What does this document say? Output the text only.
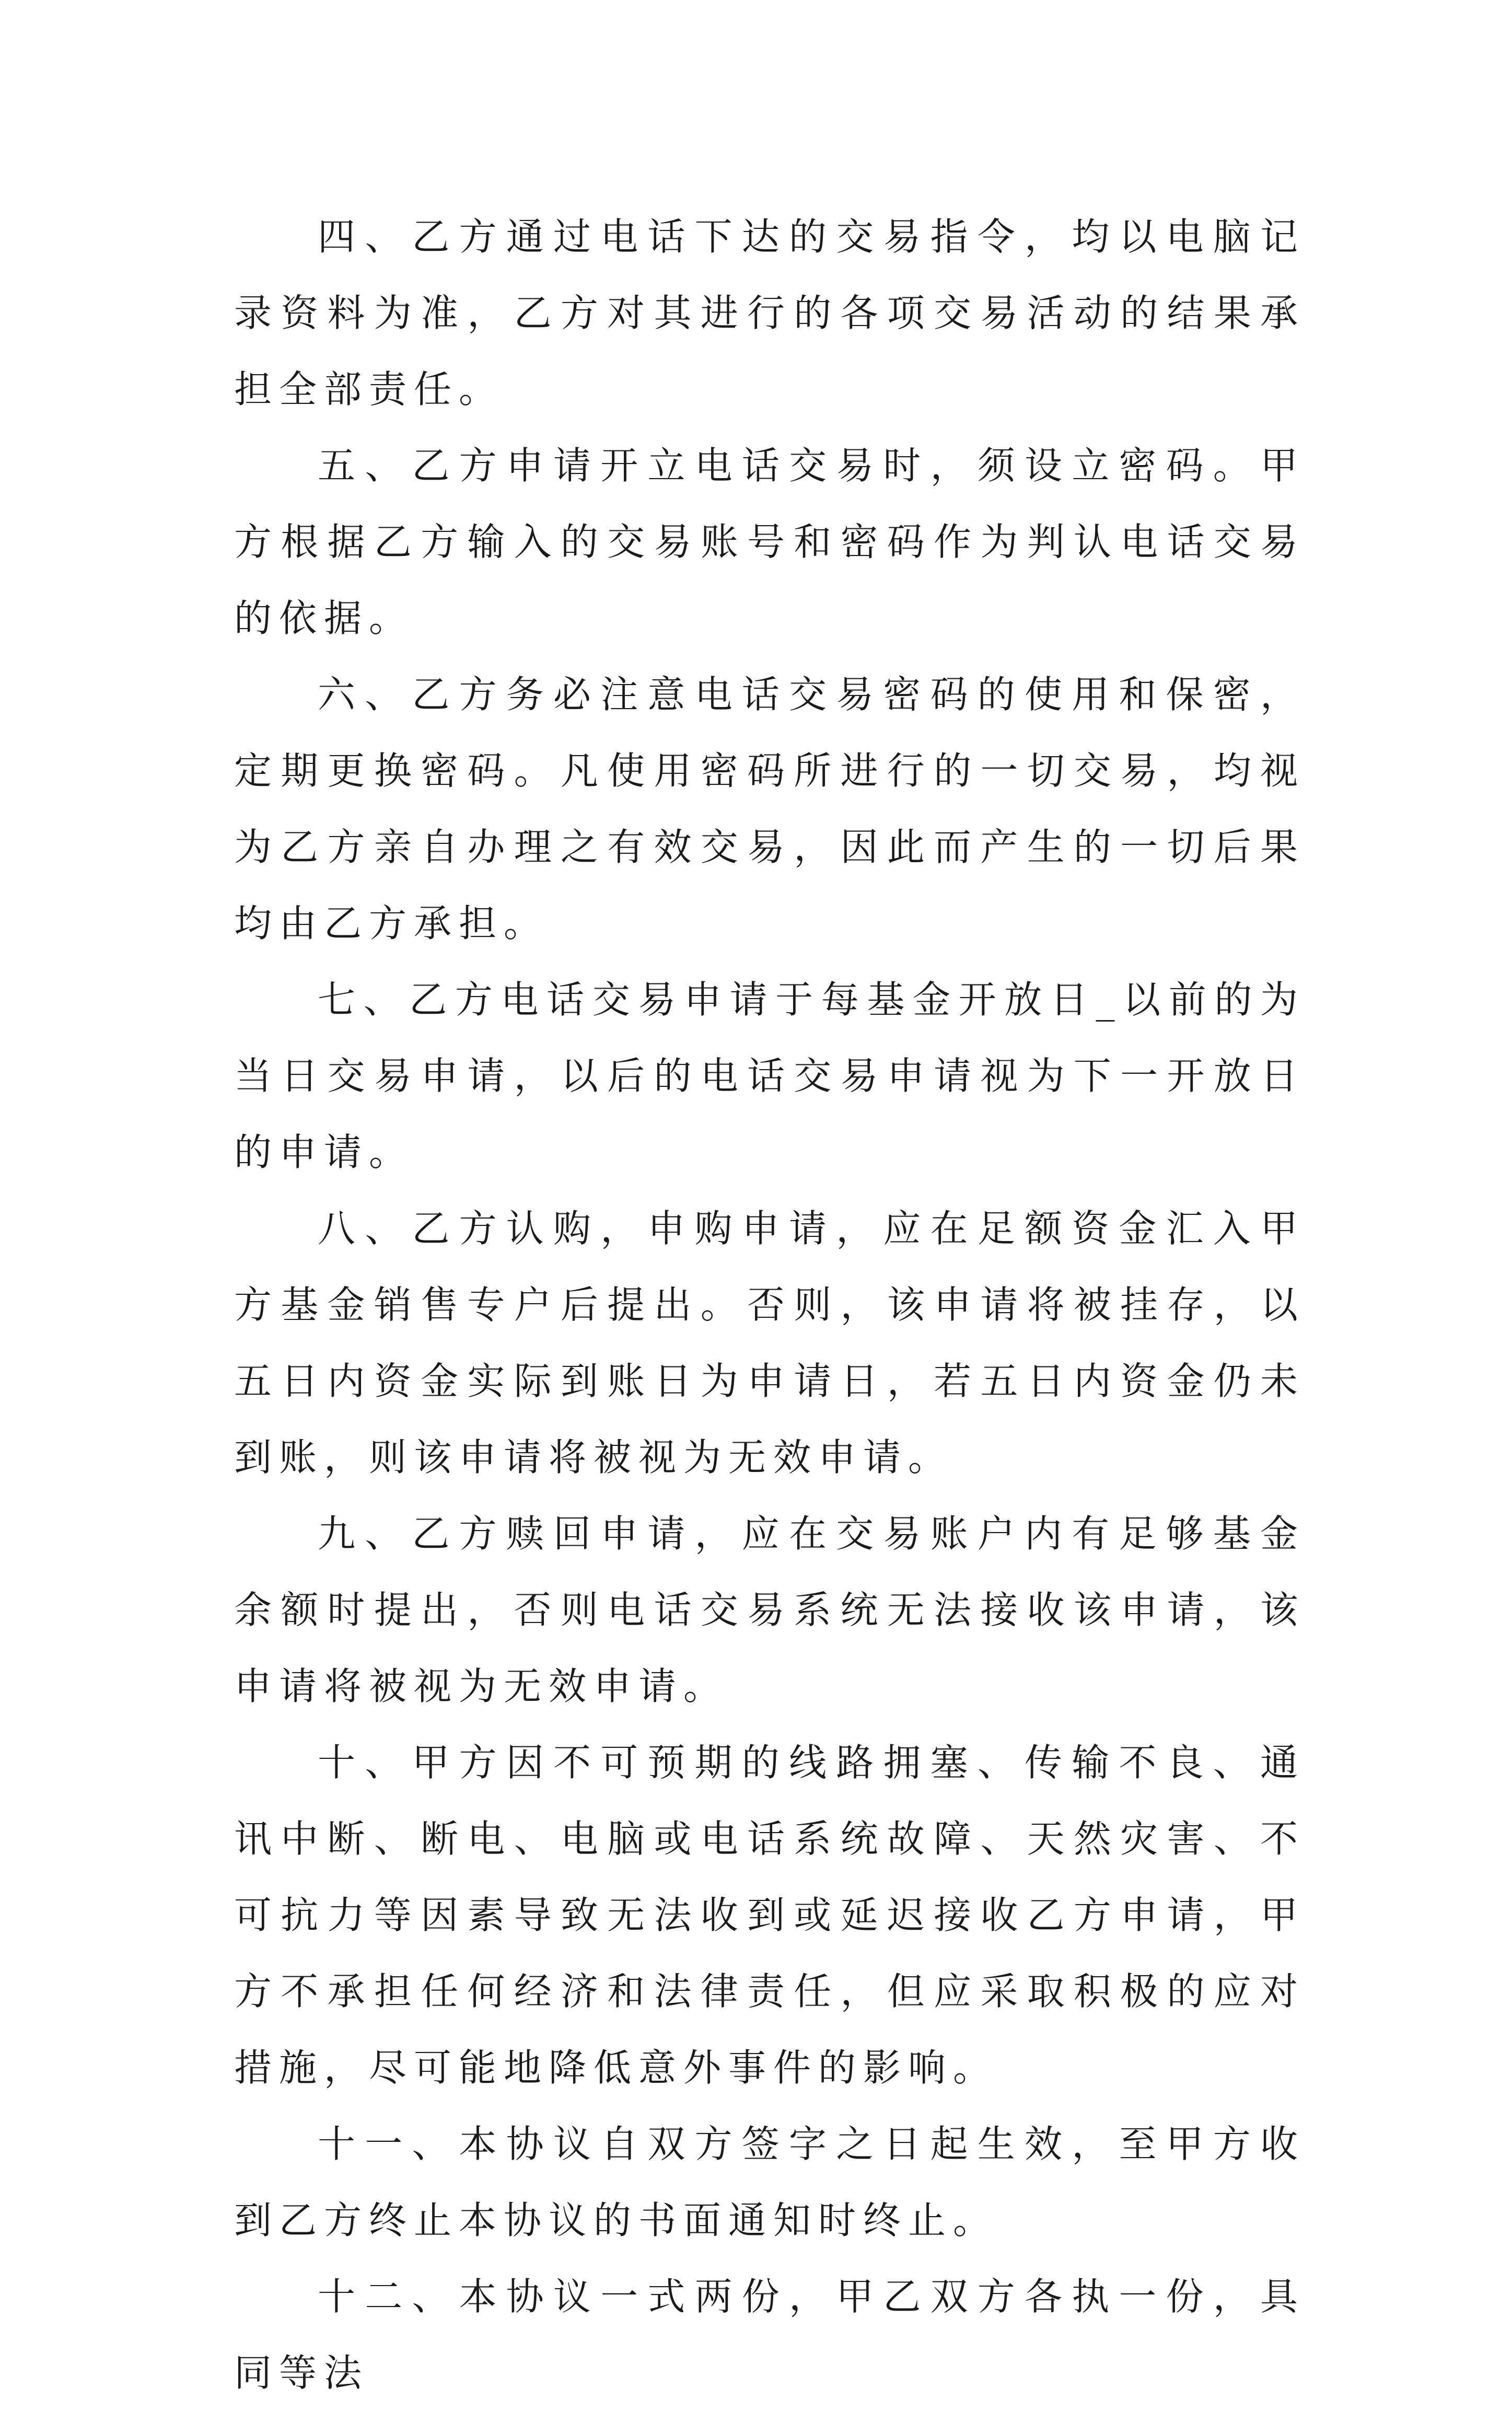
四、乙方通过电话下达的交易指令，均以电脑记录资料为准，乙方对其进行的各项交易活动的结果承担全部责任。

五、乙方申请开立电话交易时，须设立密码。甲方根据乙方输入的交易账号和密码作为判认电话交易的依据。

六、乙方务必注意电话交易密码的使用和保密，定期更换密码。凡使用密码所进行的一切交易，均视为乙方亲自办理之有效交易，因此而产生的一切后果均由乙方承担。

七、乙方电话交易申请于每基金开放日_以前的为当日交易申请，以后的电话交易申请视为下一开放日的申请。

八、乙方认购，申购申请，应在足额资金汇入甲方基金销售专户后提出。否则，该申请将被挂存，以五日内资金实际到账日为申请日，若五日内资金仍未到账，则该申请将被视为无效申请。

九、乙方赎回申请，应在交易账户内有足够基金余额时提出，否则电话交易系统无法接收该申请，该申请将被视为无效申请。

十、甲方因不可预期的线路拥塞、传输不良、通讯中断、断电、电脑或电话系统故障、天然灾害、不可抗力等因素导致无法收到或延迟接收乙方申请，甲方不承担任何经济和法律责任，但应采取积极的应对措施，尽可能地降低意外事件的影响。

十一、本协议自双方签字之日起生效，至甲方收到乙方终止本协议的书面通知时终止。

十二、本协议一式两份，甲乙双方各执一份，具同等法
